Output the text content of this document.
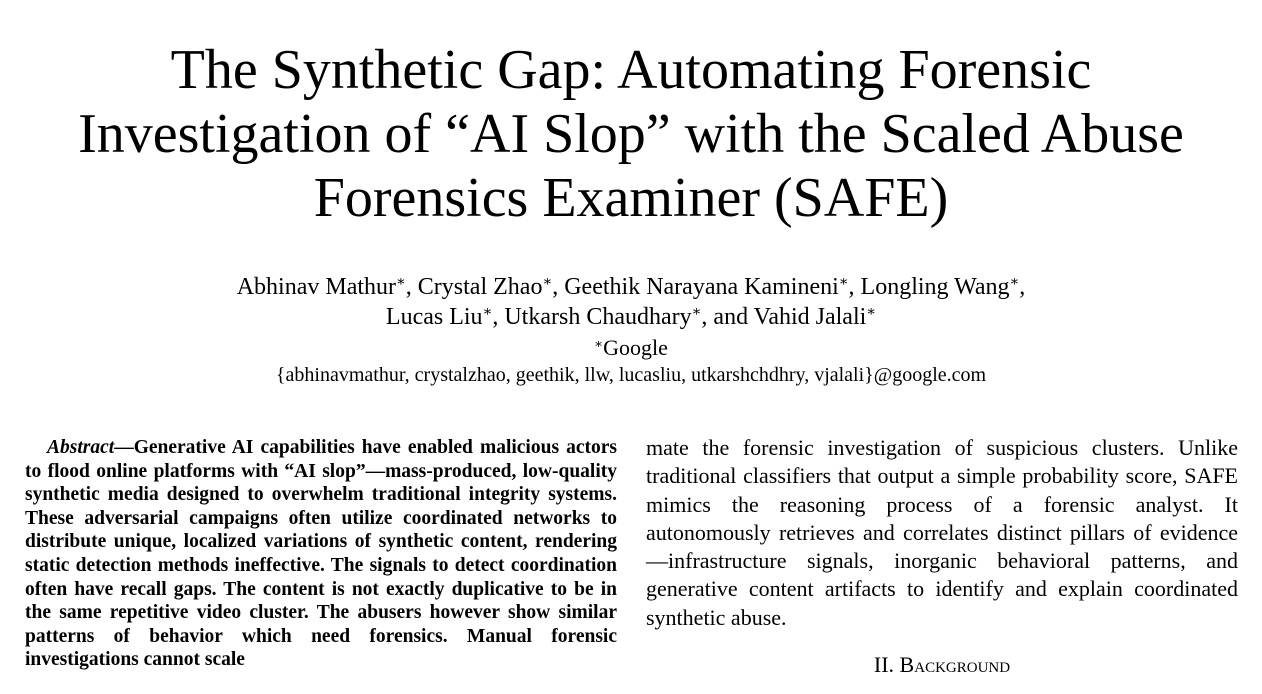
The Synthetic Gap: Automating Forensic
Investigation of “AI Slop” with the Scaled Abuse
Forensics Examiner (SAFE)
Abhinav Mathur∗, Crystal Zhao∗, Geethik Narayana Kamineni∗, Longling Wang∗,
Lucas Liu∗, Utkarsh Chaudhary∗, and Vahid Jalali∗
∗Google
{abhinavmathur, crystalzhao, geethik, llw, lucasliu, utkarshchdhry, vjalali}@google.com
Abstract—Generative AI capabilities have enabled malicious actors to flood online platforms with “AI slop”—mass-produced, low-quality synthetic media designed to overwhelm traditional integrity systems. These adversarial campaigns often utilize coordinated networks to distribute unique, localized variations of synthetic content, rendering static detection methods ineffective. The signals to detect coordination often have recall gaps. The content is not exactly duplicative to be in the same repetitive video cluster. The abusers however show similar patterns of behavior which need forensics. Manual forensic investigations cannot scale
mate the forensic investigation of suspicious clusters. Unlike traditional classifiers that output a simple probability score, SAFE mimics the reasoning process of a forensic analyst. It autonomously retrieves and correlates distinct pillars of evidence—infrastructure signals, inorganic behavioral patterns, and generative content artifacts to identify and explain coordinated synthetic abuse.
II. Background
